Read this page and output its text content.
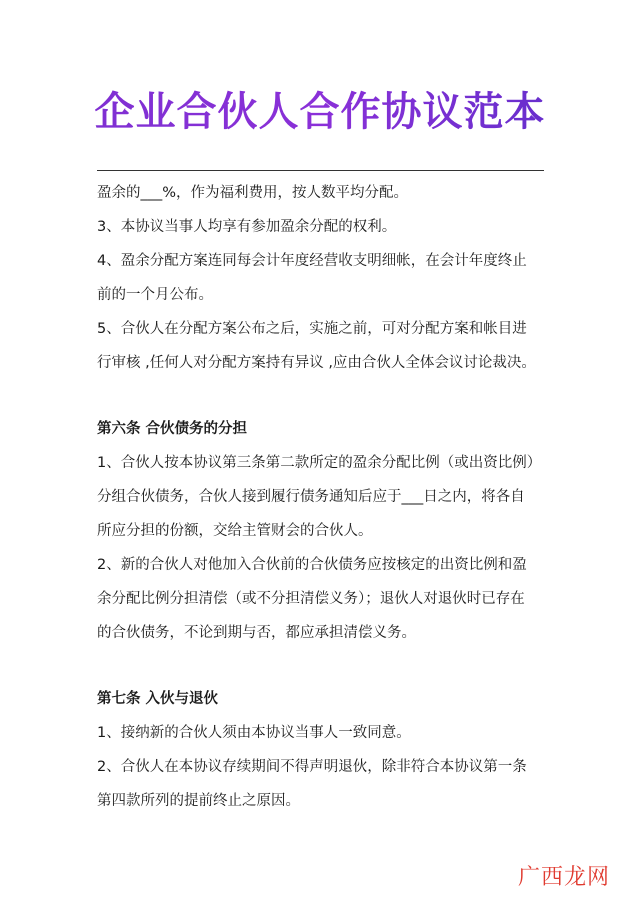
企业合伙人合作协议范本

盈余的___%，作为福利费用，按人数平均分配。

3、本协议当事人均享有参加盈余分配的权利。

4、盈余分配方案连同每会计年度经营收支明细帐，在会计年度终止

前的一个月公布。

5、合伙人在分配方案公布之后，实施之前，可对分配方案和帐目进

行审核 ,任何人对分配方案持有异议 ,应由合伙人全体会议讨论裁决。

第六条 合伙债务的分担

1、合伙人按本协议第三条第二款所定的盈余分配比例（或出资比例）

分组合伙债务，合伙人接到履行债务通知后应于___日之内，将各自

所应分担的份额，交给主管财会的合伙人。

2、新的合伙人对他加入合伙前的合伙债务应按核定的出资比例和盈

余分配比例分担清偿（或不分担清偿义务）；退伙人对退伙时已存在

的合伙债务，不论到期与否，都应承担清偿义务。

第七条 入伙与退伙

1、接纳新的合伙人须由本协议当事人一致同意。

2、合伙人在本协议存续期间不得声明退伙，除非符合本协议第一条

第四款所列的提前终止之原因。

广西龙网
